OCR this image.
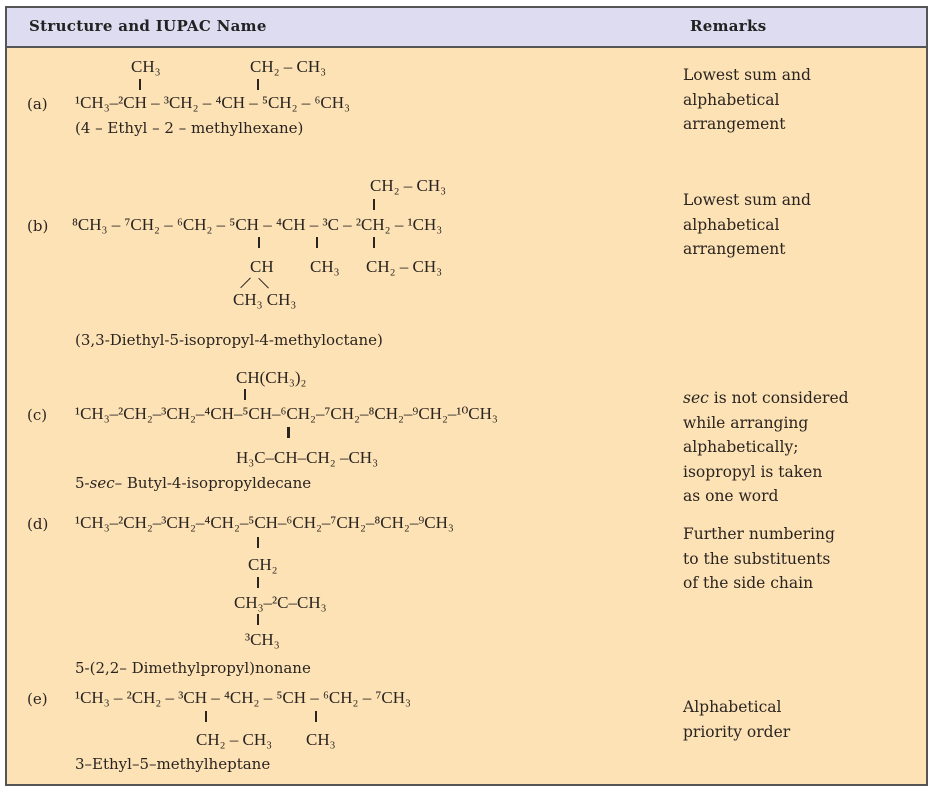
Structure and IUPAC Name	Remarks
CH₃	CH₂ – CH₃
(a) ¹CH₃–²CH – ³CH₂ – ⁴CH – ⁵CH₂ – ⁶CH₃
(4 – Ethyl – 2 – methylhexane)
Lowest sum and
alphabetical
arrangement
CH₂ – CH₃
(b) ⁸CH₃ – ⁷CH₂ – ⁶CH₂ – ⁵CH – ⁴CH – ³C – ²CH₂ – ¹CH₃
CH CH₃ CH₂ – CH₃
CH₃ CH₃
(3,3-Diethyl-5-isopropyl-4-methyloctane)
Lowest sum and
alphabetical
arrangement
CH(CH₃)₂
(c) ¹CH₃–²CH₂–³CH₂–⁴CH–⁵CH–⁶CH₂–⁷CH₂–⁸CH₂–⁹CH₂–¹⁰CH₃
H₃C–CH–CH₂ –CH₃
5-sec– Butyl-4-isopropyldecane
sec is not considered
while arranging
alphabetically;
isopropyl is taken
as one word
(d) ¹CH₃–²CH₂–³CH₂–⁴CH₂–⁵CH–⁶CH₂–⁷CH₂–⁸CH₂–⁹CH₃
CH₂
CH₃–²C–CH₃
³CH₃
5-(2,2– Dimethylpropyl)nonane
Further numbering
to the substituents
of the side chain
(e) ¹CH₃ – ²CH₂ – ³CH – ⁴CH₂ – ⁵CH – ⁶CH₂ – ⁷CH₃
CH₂ – CH₃ CH₃
3–Ethyl–5–methylheptane
Alphabetical
priority order
